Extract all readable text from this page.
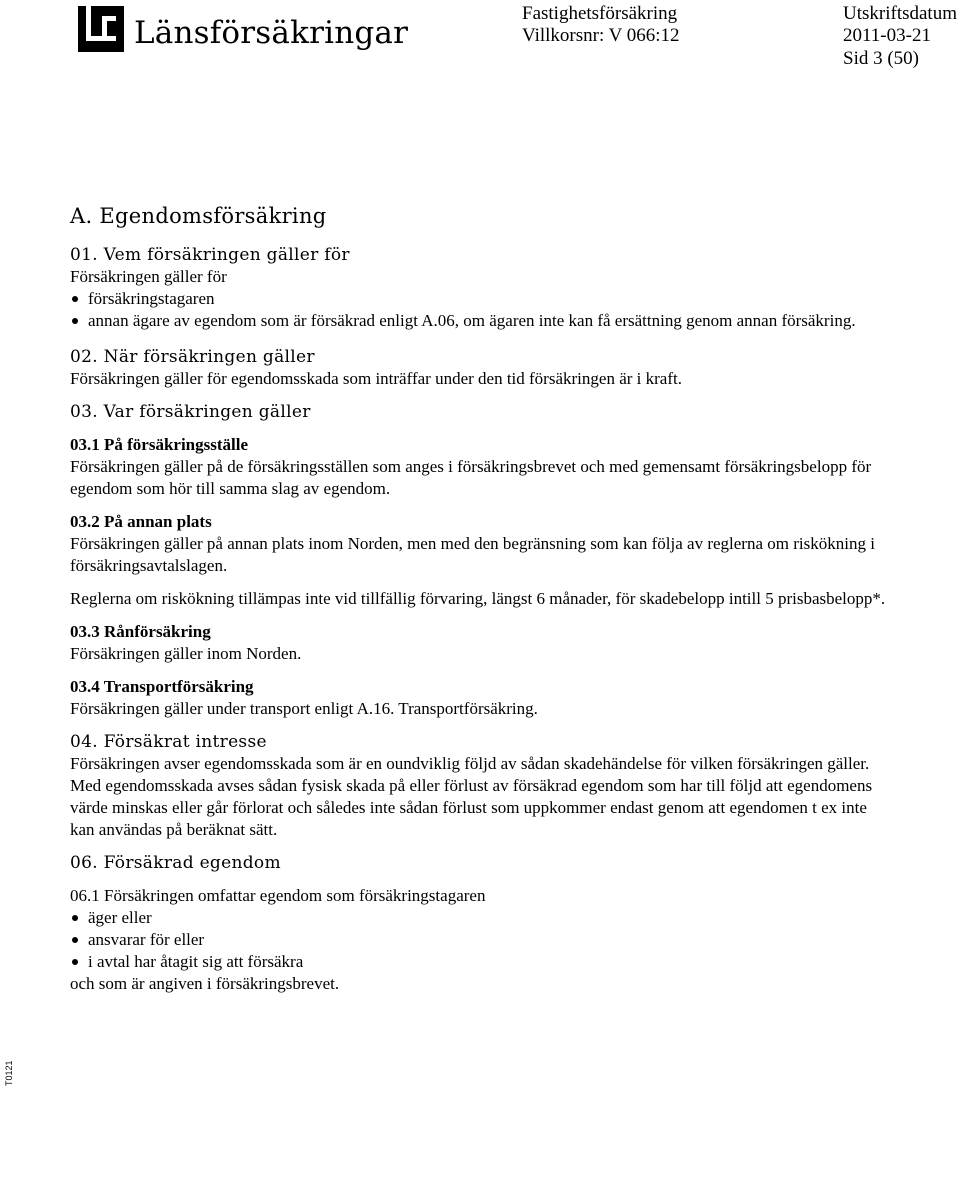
Länsförsäkringar
Fastighetsförsäkring
Villkorsnr: V 066:12
Utskriftsdatum
2011-03-21
Sid 3 (50)
T0121
A. Egendomsförsäkring
01. Vem försäkringen gäller för

Försäkringen gäller för

försäkringstagaren
annan ägare av egendom som är försäkrad enligt A.06, om ägaren inte kan få ersättning genom annan försäkring.
02. När försäkringen gäller

Försäkringen gäller för egendomsskada som inträffar under den tid försäkringen är i kraft.

03. Var försäkringen gäller

03.1 På försäkringsställe

Försäkringen gäller på de försäkringsställen som anges i försäkringsbrevet och med gemensamt försäkringsbelopp för egendom som hör till samma slag av egendom.

03.2 På annan plats

Försäkringen gäller på annan plats inom Norden, men med den begränsning som kan följa av reglerna om riskökning i försäkringsavtalslagen.

Reglerna om riskökning tillämpas inte vid tillfällig förvaring, längst 6 månader, för skadebelopp intill 5 prisbasbelopp*.

03.3 Rånförsäkring

Försäkringen gäller inom Norden.

03.4 Transportförsäkring

Försäkringen gäller under transport enligt A.16. Transportförsäkring.

04. Försäkrat intresse

Försäkringen avser egendomsskada som är en oundviklig följd av sådan skadehändelse för vilken försäkringen gäller.

Med egendomsskada avses sådan fysisk skada på eller förlust av försäkrad egendom som har till följd att egendomens värde minskas eller går förlorat och således inte sådan förlust som uppkommer endast genom att egendomen t ex inte kan användas på beräknat sätt.

06. Försäkrad egendom

06.1 Försäkringen omfattar egendom som försäkringstagaren

äger eller
ansvarar för eller
i avtal har åtagit sig att försäkra

och som är angiven i försäkringsbrevet.
